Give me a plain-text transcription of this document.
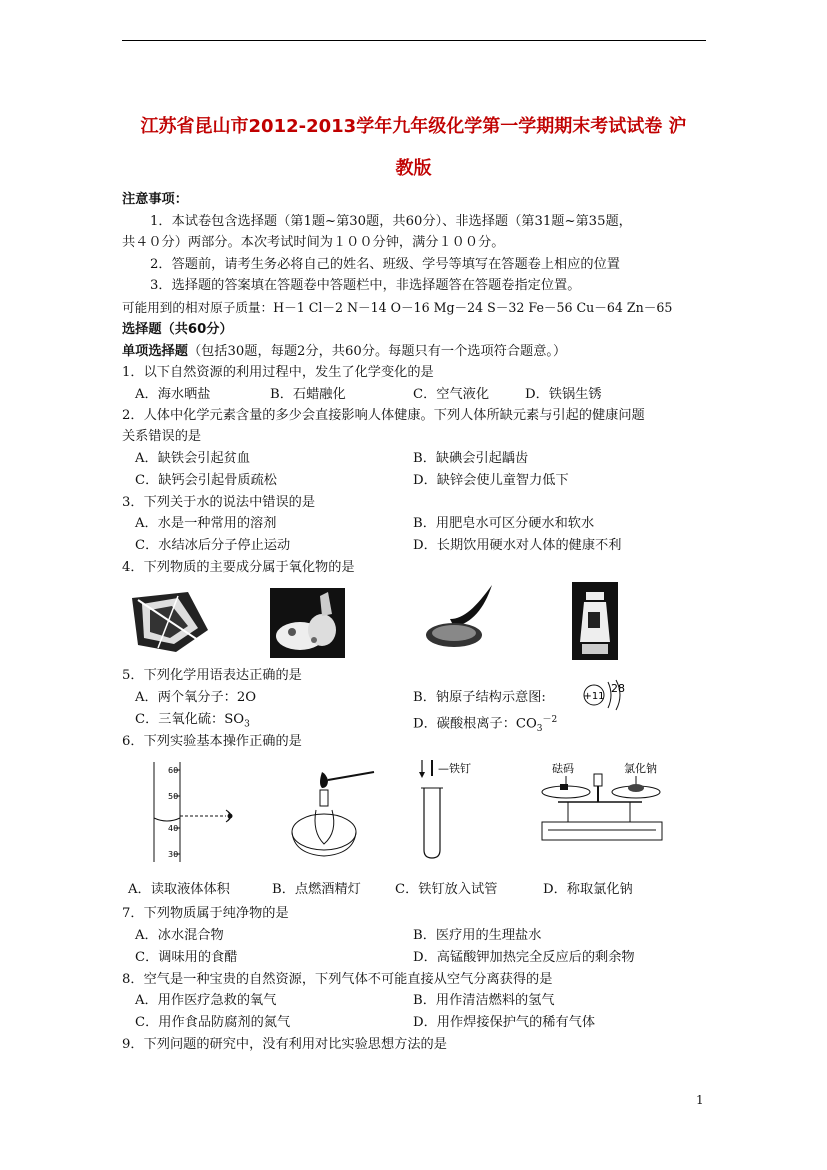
江苏省昆山市2012-2013学年九年级化学第一学期期末考试试卷 沪
教版
注意事项：
1．本试卷包含选择题（第1题~第30题，共60分）、非选择题（第31题~第35题，
共４０分）两部分。本次考试时间为１００分钟，满分１００分。
2．答题前，请考生务必将自己的姓名、班级、学号等填写在答题卷上相应的位置
3．选择题的答案填在答题卷中答题栏中，非选择题答在答题卷指定位置。
可能用到的相对原子质量：H－1 Cl－2 N－14 O－16 Mg－24 S－32 Fe－56 Cu－64 Zn－65
选择题（共60分）
单项选择题（包括30题，每题2分，共60分。每题只有一个选项符合题意。）
1．以下自然资源的利用过程中，发生了化学变化的是
A．海水晒盐	B．石蜡融化	C．空气液化	D．铁锅生锈
2．人体中化学元素含量的多少会直接影响人体健康。下列人体所缺元素与引起的健康问题
关系错误的是
A．缺铁会引起贫血	B．缺碘会引起龋齿
C．缺钙会引起骨质疏松	D．缺锌会使儿童智力低下
3．下列关于水的说法中错误的是
A．水是一种常用的溶剂	B．用肥皂水可区分硬水和软水
C．水结冰后分子停止运动	D．长期饮用硬水对人体的健康不利
4．下列物质的主要成分属于氧化物的是
5．下列化学用语表达正确的是
A．两个氧分子：2O	B．钠原子结构示意图:	+11
28
C．三氧化硫：$SO_3$	D．碳酸根离子：$CO_3^{-2}$
6．下列实验基本操作正确的是
60
50
40
30
—铁钉	砝码	氯化钠
A．读取液体体积	B．点燃酒精灯	C．铁钉放入试管	D．称取氯化钠
7．下列物质属于纯净物的是
A．冰水混合物	B．医疗用的生理盐水
C．调味用的食醋	D．高锰酸钾加热完全反应后的剩余物
8．空气是一种宝贵的自然资源，下列气体不可能直接从空气分离获得的是
A．用作医疗急救的氧气	B．用作清洁燃料的氢气
C．用作食品防腐剂的氮气	D．用作焊接保护气的稀有气体
9．下列问题的研究中，没有利用对比实验思想方法的是
1
